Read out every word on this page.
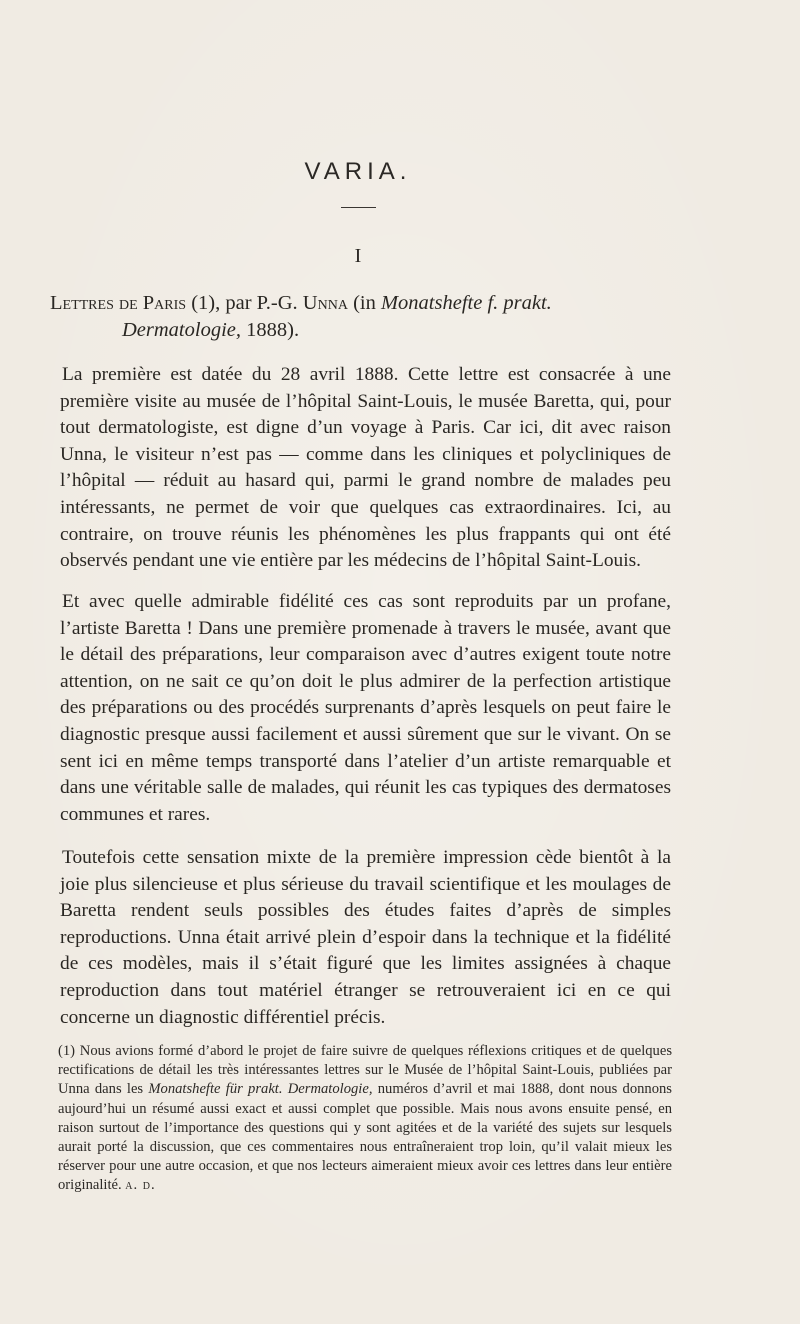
VARIA.
I
Lettres de Paris (1), par P.-G. Unna (in Monatshefte f. prakt.
Dermatologie, 1888).

La première est datée du 28 avril 1888. Cette lettre est consacrée à une première visite au musée de l’hôpital Saint-Louis, le musée Baretta, qui, pour tout dermatologiste, est digne d’un voyage à Paris. Car ici, dit avec raison Unna, le visiteur n’est pas — comme dans les cliniques et polycliniques de l’hôpital — réduit au hasard qui, parmi le grand nombre de malades peu intéressants, ne permet de voir que quelques cas extraordinaires. Ici, au contraire, on trouve réunis les phénomènes les plus frappants qui ont été observés pendant une vie entière par les médecins de l’hôpital Saint-Louis.

Et avec quelle admirable fidélité ces cas sont reproduits par un profane, l’artiste Baretta ! Dans une première promenade à travers le musée, avant que le détail des préparations, leur comparaison avec d’autres exigent toute notre attention, on ne sait ce qu’on doit le plus admirer de la perfection artistique des préparations ou des procédés surprenants d’après lesquels on peut faire le diagnostic presque aussi facilement et aussi sûrement que sur le vivant. On se sent ici en même temps transporté dans l’atelier d’un artiste remarquable et dans une véritable salle de malades, qui réunit les cas typiques des dermatoses communes et rares.

Toutefois cette sensation mixte de la première impression cède bientôt à la joie plus silencieuse et plus sérieuse du travail scientifique et les moulages de Baretta rendent seuls possibles des études faites d’après de simples reproductions. Unna était arrivé plein d’espoir dans la technique et la fidélité de ces modèles, mais il s’était figuré que les limites assignées à chaque reproduction dans tout matériel étranger se retrouveraient ici en ce qui concerne un diagnostic différentiel précis.

(1) Nous avions formé d’abord le projet de faire suivre de quelques réflexions critiques et de quelques rectifications de détail les très intéressantes lettres sur le Musée de l’hôpital Saint-Louis, publiées par Unna dans les Monatshefte für prakt. Dermatologie, numéros d’avril et mai 1888, dont nous donnons aujourd’hui un résumé aussi exact et aussi complet que possible. Mais nous avons ensuite pensé, en raison surtout de l’importance des questions qui y sont agitées et de la variété des sujets sur lesquels aurait porté la discussion, que ces commentaires nous entraîneraient trop loin, qu’il valait mieux les réserver pour une autre occasion, et que nos lecteurs aimeraient mieux avoir ces lettres dans leur entière originalité. a. d.
